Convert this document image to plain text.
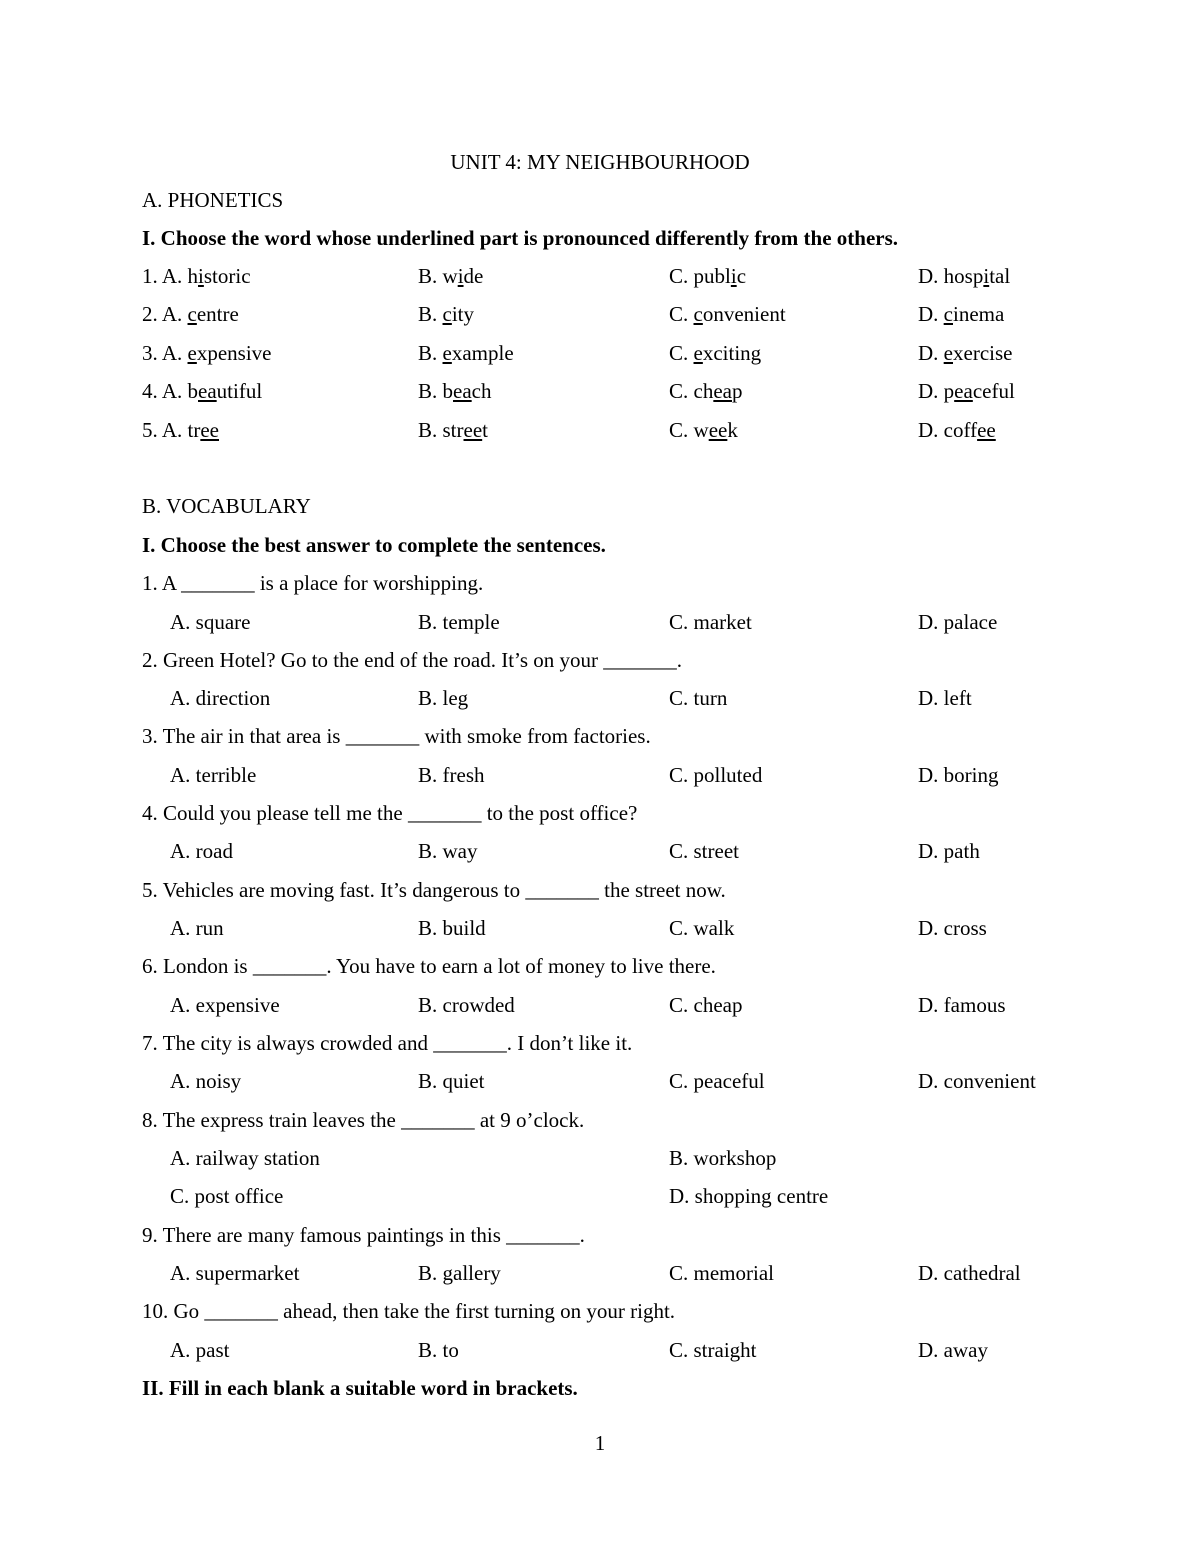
UNIT 4: MY NEIGHBOURHOOD
A. PHONETICS
I. Choose the word whose underlined part is pronounced differently from the others.
1. A. historic	B. wide	C. public	D. hospital
2. A. centre	B. city	C. convenient	D. cinema
3. A. expensive	B. example	C. exciting	D. exercise
4. A. beautiful	B. beach	C. cheap	D. peaceful
5. A. tree	B. street	C. week	D. coffee
B. VOCABULARY
I. Choose the best answer to complete the sentences.
1. A _______ is a place for worshipping.
A. square	B. temple	C. market	D. palace
2. Green Hotel? Go to the end of the road. It’s on your _______.
A. direction	B. leg	C. turn	D. left
3. The air in that area is _______ with smoke from factories.
A. terrible	B. fresh	C. polluted	D. boring
4. Could you please tell me the _______ to the post office?
A. road	B. way	C. street	D. path
5. Vehicles are moving fast. It’s dangerous to _______ the street now.
A. run	B. build	C. walk	D. cross
6. London is _______. You have to earn a lot of money to live there.
A. expensive	B. crowded	C. cheap	D. famous
7. The city is always crowded and _______. I don’t like it.
A. noisy	B. quiet	C. peaceful	D. convenient
8. The express train leaves the _______ at 9 o’clock.
A. railway station	B. workshop
C. post office	D. shopping centre
9. There are many famous paintings in this _______.
A. supermarket	B. gallery	C. memorial	D. cathedral
10. Go _______ ahead, then take the first turning on your right.
A. past	B. to	C. straight	D. away
II. Fill in each blank a suitable word in brackets.
1
